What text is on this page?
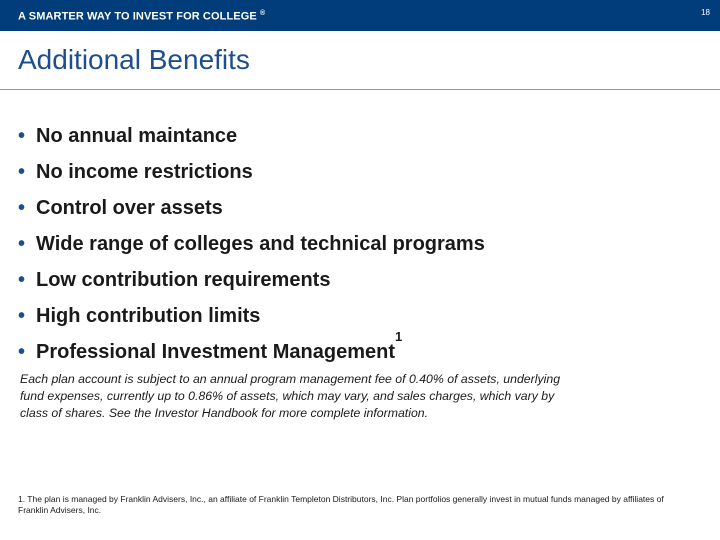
A SMARTER WAY TO INVEST FOR COLLEGE ®	18
Additional Benefits
• No annual maintance
• No income restrictions
• Control over assets
• Wide range of colleges and technical programs
• Low contribution requirements
• High contribution limits
• Professional Investment Management
1
Each plan account is subject to an annual program management fee of 0.40% of assets, underlying fund expenses, currently up to 0.86% of assets, which may vary, and sales charges, which vary by class of shares. See the Investor Handbook for more complete information.
1. The plan is managed by Franklin Advisers, Inc., an affiliate of Franklin Templeton Distributors, Inc. Plan portfolios generally invest in mutual funds managed by affiliates of
Franklin Advisers, Inc.
